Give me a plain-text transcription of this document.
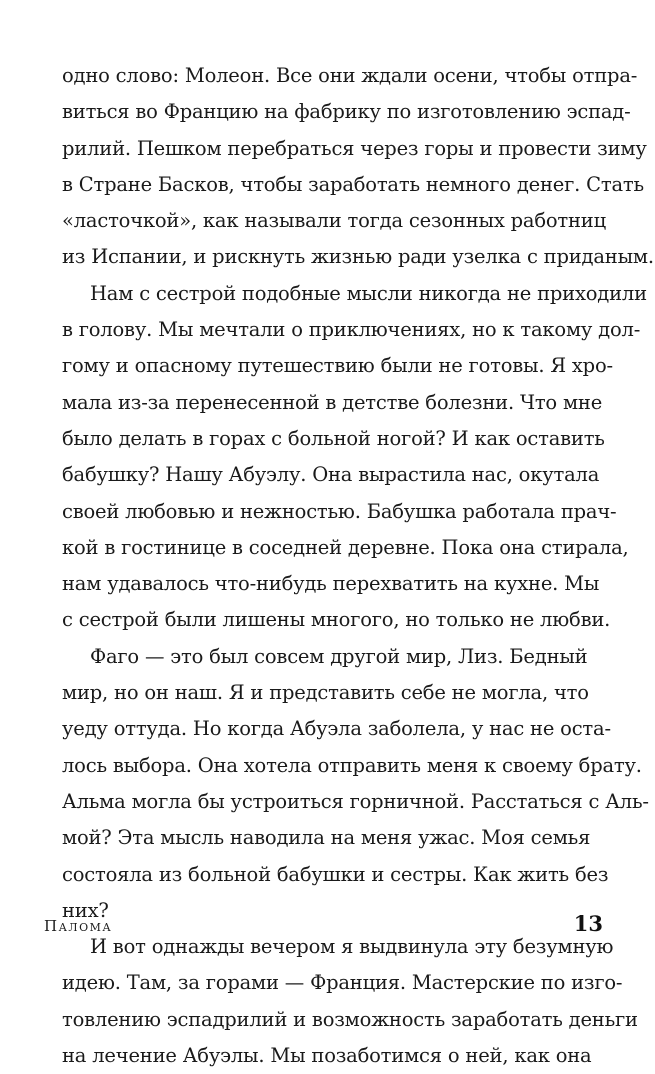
одно слово: Молеон. Все они ждали осени, чтобы отпра-
виться во Францию на фабрику по изготовлению эспад-
рилий. Пешком перебраться через горы и провести зиму
в Стране Басков, чтобы заработать немного денег. Стать
«ласточкой», как называли тогда сезонных работниц
из Испании, и рискнуть жизнью ради узелка с приданым.
Нам с сестрой подобные мысли никогда не приходили
в голову. Мы мечтали о приключениях, но к такому дол-
гому и опасному путешествию были не готовы. Я хро-
мала из-за перенесенной в детстве болезни. Что мне
было делать в горах с больной ногой? И как оставить
бабушку? Нашу Абуэлу. Она вырастила нас, окутала
своей любовью и нежностью. Бабушка работала прач-
кой в гостинице в соседней деревне. Пока она стирала,
нам удавалось что-нибудь перехватить на кухне. Мы
с сестрой были лишены многого, но только не любви.
Фаго — это был совсем другой мир, Лиз. Бедный
мир, но он наш. Я и представить себе не могла, что
уеду оттуда. Но когда Абуэла заболела, у нас не оста-
лось выбора. Она хотела отправить меня к своему брату.
Альма могла бы устроиться горничной. Расстаться с Аль-
мой? Эта мысль наводила на меня ужас. Моя семья
состояла из больной бабушки и сестры. Как жить без
них?
И вот однажды вечером я выдвинула эту безумную
идею. Там, за горами — Франция. Мастерские по изго-
товлению эспадрилий и возможность заработать деньги
на лечение Абуэлы. Мы позаботимся о ней, как она
Палома	13
